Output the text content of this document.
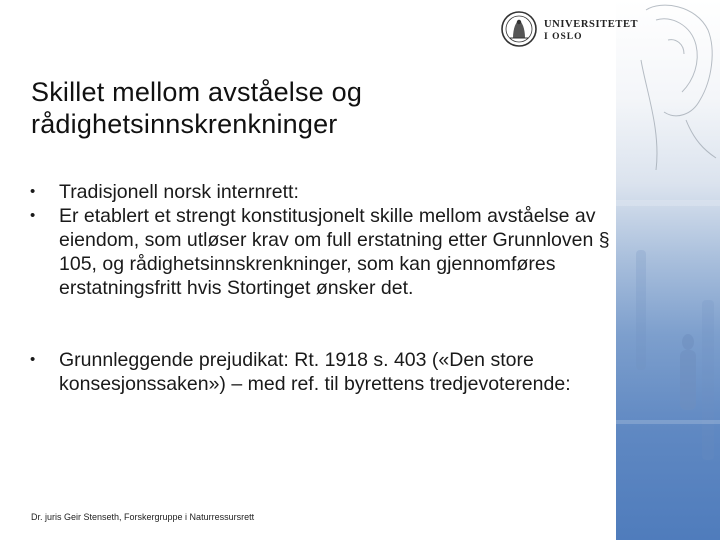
UNIVERSITETET
I OSLO
Skillet mellom avståelse og
rådighetsinnskrenkninger
• Tradisjonell norsk internrett:
• Er etablert et strengt konstitusjonelt skille mellom avståelse av eiendom, som utløser krav om full erstatning etter Grunnloven § 105, og rådighetsinnskrenkninger, som kan gjennomføres erstatningsfritt hvis Stortinget ønsker det.
• Grunnleggende prejudikat: Rt. 1918 s. 403 («Den store konsesjonssaken») – med ref. til byrettens tredjevoterende:
Dr. juris Geir Stenseth, Forskergruppe i Naturressursrett
